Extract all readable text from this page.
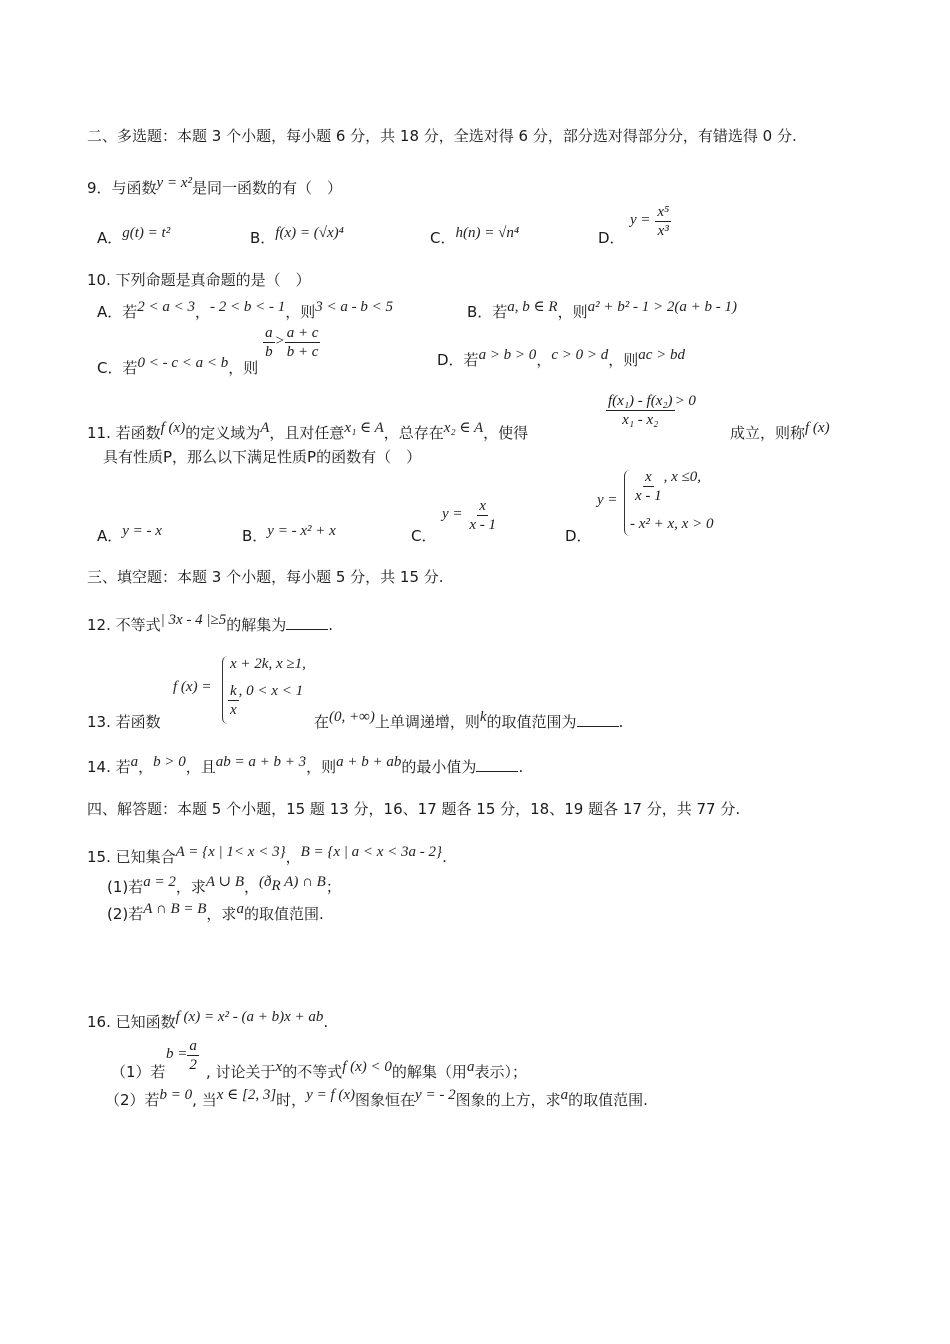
二、多选题：本题 3 个小题，每小题 6 分，共 18 分，全选对得 6 分，部分选对得部分分，有错选得 0 分.
9．与函数y = x²是同一函数的有（　）
A．g(t) = t²	B．f(x) = (√x)⁴	C．h(n) = √n⁴	D．
$y = \frac{\text{x⁵}}{\text{x³}}$
10. 下列命题是真命题的是（　）
A．若2 < a < 3，- 2 < b < - 1，则3 < a - b < 5	B．若a, b ∈ R，则a² + b² - 1 > 2(a + b - 1)
C．若0 < - c < a < b，则
$\frac{a}{b} > \frac{a + c}{b + c}$	D．若a > b > 0，c > 0 > d，则ac > bd
11. 若函数f (x)的定义域为A，且对任意x₁ ∈ A，总存在x₂ ∈ A，使得
$\frac{\text{f(x₁) - f(x₂)}}{\text{x₁ - x₂}} > 0$
成立，则称f (x)
具有性质P，那么以下满足性质P的函数有（　）
A．y = - x	B．y = - x² + x	C．
$y = \frac{x}{x - 1}$
D．
$y = \frac{x}{x - 1}$ , x ≤0,
- x² + x, x > 0
三、填空题：本题 3 个小题，每小题 5 分，共 15 分.
12. 不等式| 3x - 4 |≥5的解集为	.
13. 若函数
f (x) =
x + 2k, x ≥1,
$\frac{k}{x}$ , 0 < x < 1
在(0, +∞)上单调递增，则k的取值范围为	.
14. 若a，b > 0，且ab = a + b + 3，则a + b + ab的最小值为	.
四、解答题：本题 5 个小题，15 题 13 分，16、17 题各 15 分，18、19 题各 17 分，共 77 分.
15. 已知集合A = {x | 1< x < 3}，B = {x | a < x < 3a - 2}.
(1)若a = 2，求A ∪ B，($ð_R$ A) ∩ B；
(2)若A ∩ B = B，求a的取值范围.
16. 已知函数f (x) = x² - (a + b)x + ab.
（1）若
$b = \frac{a}{2}$ , 讨论关于x的不等式f (x) < 0的解集（用a表示）；
（2）若b = 0, 当x ∈ [2, 3]时，y = f (x)图象恒在y = - 2图象的上方，求a的取值范围.
